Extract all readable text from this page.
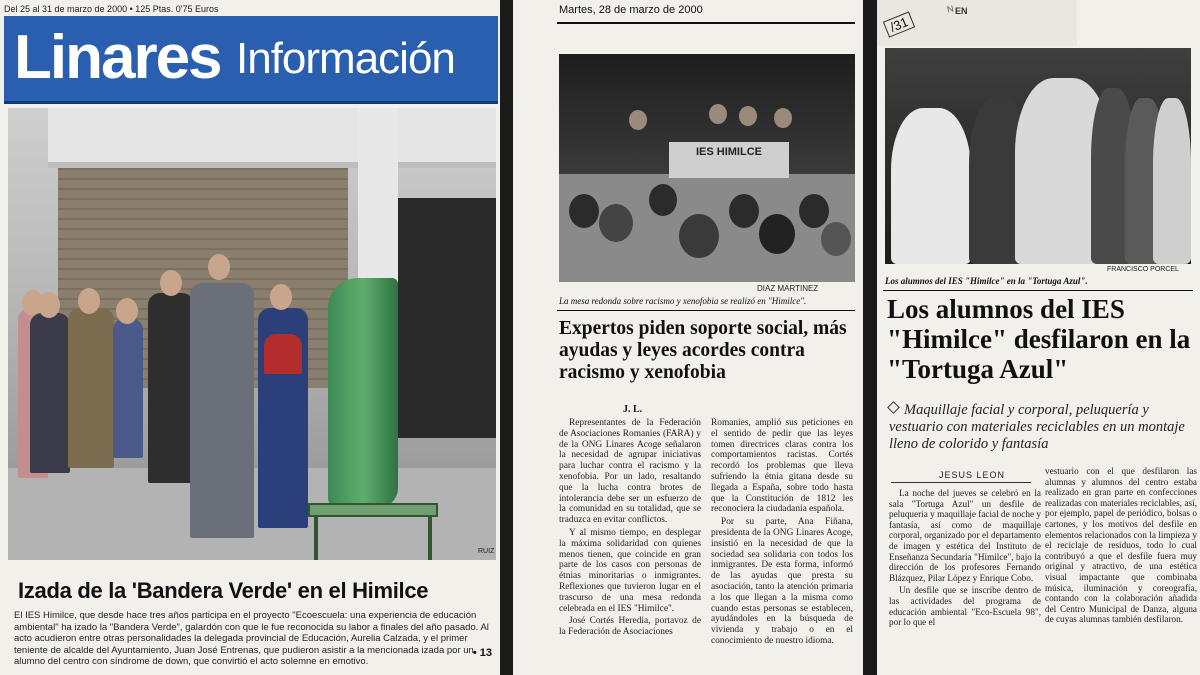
Del 25 al 31 de marzo de 2000 • 125 Ptas. 0'75 Euros
Linares Información
RUIZ
Izada de la 'Bandera Verde' en el Himilce
El IES Himilce, que desde hace tres años participa en el proyecto "Ecoescuela: una experiencia de educación ambiental" ha izado la "Bandera Verde", galardón con que le fue reconocida su labor a finales del año pasado. Al acto acudieron entre otras personalidades la delegada provincial de Educación, Aurelia Calzada, y el primer teniente de alcalde del Ayuntamiento, Juan José Entrenas, que pudieron asistir a la mencionada izada por un alumno del centro con síndrome de down, que convirtió el acto solemne en emotivo.
• 13
Martes, 28 de marzo de 2000
IES HIMILCE
DIAZ MARTINEZ
La mesa redonda sobre racismo y xenofobia se realizó en "Himilce".
Expertos piden soporte social, más ayudas y leyes acordes contra racismo y xenofobia
J. L.

Representantes de la Federación de Asociaciones Romanies (FARA) y de la ONG Linares Acoge señalaron la necesidad de agrupar iniciativas para luchar contra el racismo y la xenofobia. Por un lado, resaltando que la lucha contra brotes de intolerancia debe ser un esfuerzo de la comunidad en su totalidad, que se traduzca en evitar conflictos.

Y al mismo tiempo, en desplegar la máxima solidaridad con quienes menos tienen, que coincide en gran parte de los casos con personas de étnias minoritarias o inmigrantes. Reflexiones que tuvieron lugar en el trascurso de una mesa redonda celebrada en el IES "Himilce".

José Cortés Heredia, portavoz de la Federación de Asociaciones

Romanies, amplió sus peticiones en el sentido de pedir que las leyes tomen directrices claras contra los comportamientos racistas. Cortés recordó los problemas que lleva sufriendo la étnia gitana desde su llegada a España, sobre todo hasta que la Constitución de 1812 les reconociera la ciudadanía española.

Por su parte, Ana Fiñana, presidenta de la ONG Linares Acoge, insistió en la necesidad de que la sociedad sea solidaria con todos los inmigrantes. De esta forma, informó de las ayudas que presta su asociación, tanto la atención primaria a los que llegan a la misma como cuando estas personas se establecen, ayudándoles en la búsqueda de vivienda y trabajo o en el conocimiento de nuestro idioma.

/31
N EN
FRANCISCO PORCEL
Los alumnos del IES "Himilce" en la "Tortuga Azul".
Los alumnos del IES "Himilce" desfilaron en la "Tortuga Azul"
Maquillaje facial y corporal, peluquería y vestuario con materiales reciclables en un montaje lleno de colorido y fantasía
JESUS LEON

La noche del jueves se celebró en la sala "Tortuga Azul" un desfile de peluquería y maquillaje facial de noche y fantasía, así como de maquillaje corporal, organizado por el departamento de imagen y estética del Instituto de Enseñanza Secundaria "Himilce", bajo la dirección de los profesores Fernando Blázquez, Pilar López y Enrique Cobo.

Un desfile que se inscribe dentro de las actividades del programa de educación ambiental "Eco-Escuela 98", por lo que el

vestuario con el que desfilaron las alumnas y alumnos del centro estaba realizado en gran parte en confecciones realizadas con materiales reciclables, así, por ejemplo, papel de periódico, bolsas o cartones, y los motivos del desfile en elementos relacionados con la limpieza y el reciclaje de residuos, todo lo cual contribuyó a que el desfile fuera muy original y atractivo, de una estética visual impactante que combinaba música, iluminación y coreografía, contando con la colaboración añadida del Centro Municipal de Danza, alguna de cuyas alumnas también desfilaron.
